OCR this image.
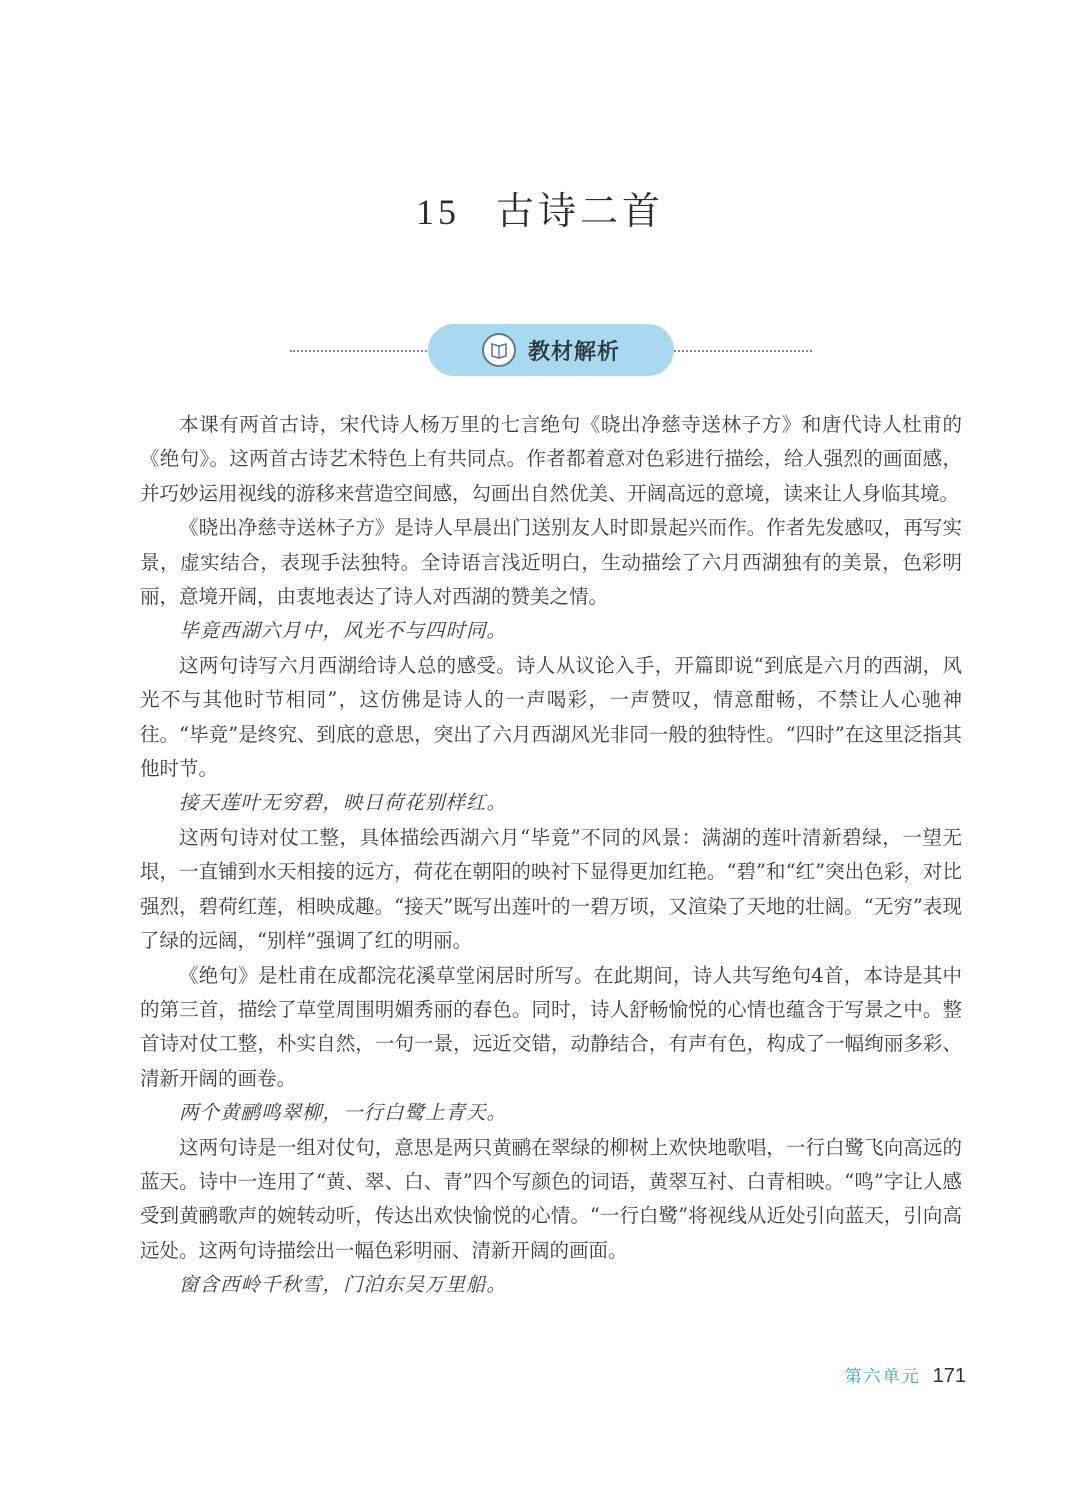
15 古诗二首
教材解析

本课有两首古诗，宋代诗人杨万里的七言绝句《晓出净慈寺送林子方》和唐代诗人杜甫的《绝句》。这两首古诗艺术特色上有共同点。作者都着意对色彩进行描绘，给人强烈的画面感，并巧妙运用视线的游移来营造空间感，勾画出自然优美、开阔高远的意境，读来让人身临其境。

《晓出净慈寺送林子方》是诗人早晨出门送别友人时即景起兴而作。作者先发感叹，再写实景，虚实结合，表现手法独特。全诗语言浅近明白，生动描绘了六月西湖独有的美景，色彩明丽，意境开阔，由衷地表达了诗人对西湖的赞美之情。

毕竟西湖六月中，风光不与四时同。

这两句诗写六月西湖给诗人总的感受。诗人从议论入手，开篇即说“到底是六月的西湖，风光不与其他时节相同”，这仿佛是诗人的一声喝彩，一声赞叹，情意酣畅，不禁让人心驰神往。“毕竟”是终究、到底的意思，突出了六月西湖风光非同一般的独特性。“四时”在这里泛指其他时节。

接天莲叶无穷碧，映日荷花别样红。

这两句诗对仗工整，具体描绘西湖六月“毕竟”不同的风景：满湖的莲叶清新碧绿，一望无垠，一直铺到水天相接的远方，荷花在朝阳的映衬下显得更加红艳。“碧”和“红”突出色彩，对比强烈，碧荷红莲，相映成趣。“接天”既写出莲叶的一碧万顷，又渲染了天地的壮阔。“无穷”表现了绿的远阔，“别样”强调了红的明丽。

《绝句》是杜甫在成都浣花溪草堂闲居时所写。在此期间，诗人共写绝句4首，本诗是其中的第三首，描绘了草堂周围明媚秀丽的春色。同时，诗人舒畅愉悦的心情也蕴含于写景之中。整首诗对仗工整，朴实自然，一句一景，远近交错，动静结合，有声有色，构成了一幅绚丽多彩、清新开阔的画卷。

两个黄鹂鸣翠柳，一行白鹭上青天。

这两句诗是一组对仗句，意思是两只黄鹂在翠绿的柳树上欢快地歌唱，一行白鹭飞向高远的蓝天。诗中一连用了“黄、翠、白、青”四个写颜色的词语，黄翠互衬、白青相映。“鸣”字让人感受到黄鹂歌声的婉转动听，传达出欢快愉悦的心情。“一行白鹭”将视线从近处引向蓝天，引向高远处。这两句诗描绘出一幅色彩明丽、清新开阔的画面。

窗含西岭千秋雪，门泊东吴万里船。

第六单元 171
